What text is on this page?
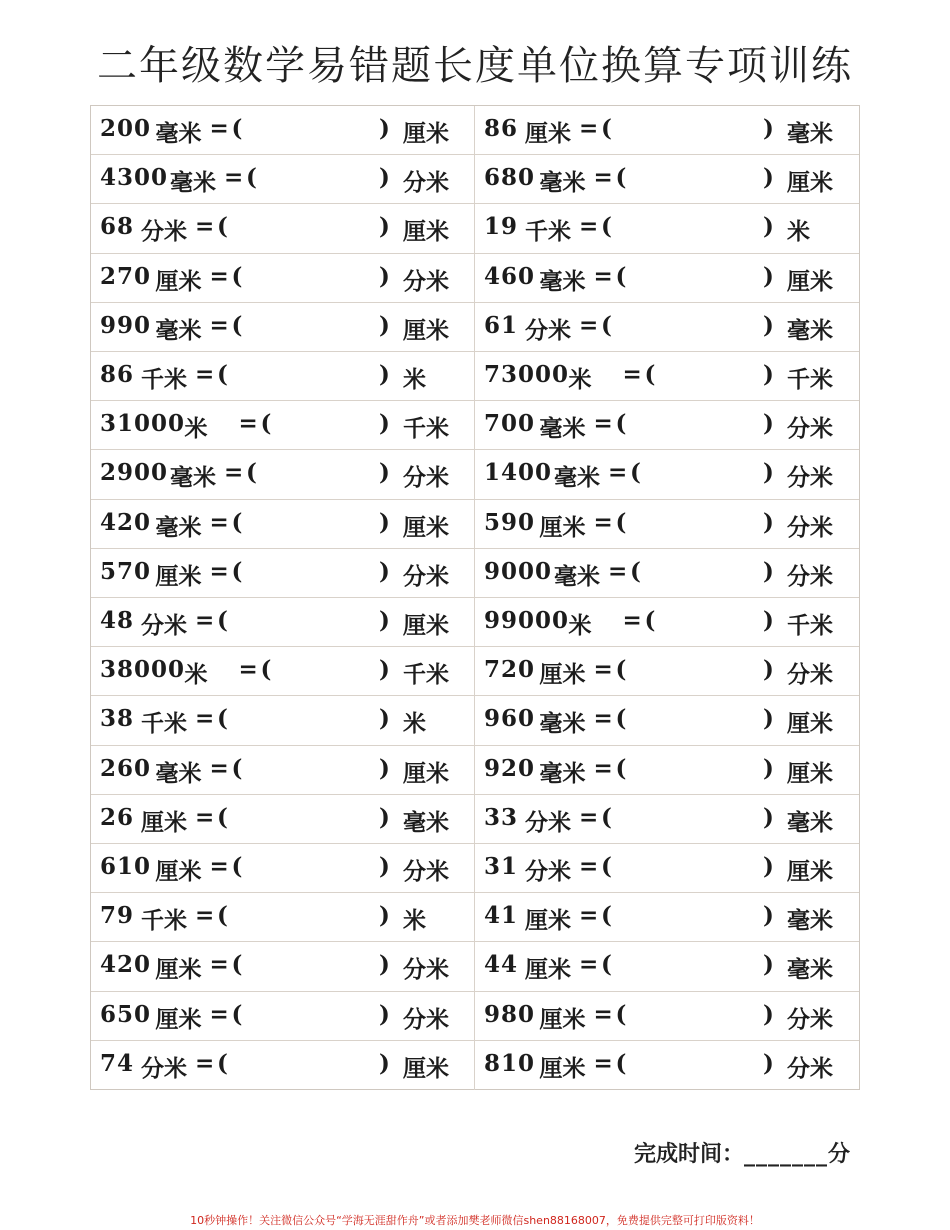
二年级数学易错题长度单位换算专项训练
200 毫米 = (	) 厘米 86 厘米 = (	) 毫米
4300 毫米 = (	) 分米 680 毫米 = (	) 厘米
68 分米 = (	) 厘米 19 千米 = (	) 米
270 厘米 = (	) 分米 460 毫米 = (	) 厘米
990 毫米 = (	) 厘米 61 分米 = (	) 毫米
86 千米 = (	) 米	73000 米 = (	) 千米
31000 米 = (	) 千米 700 毫米 = (	) 分米
2900 毫米 = (	) 分米 1400 毫米 = (	) 分米
420 毫米 = (	) 厘米 590 厘米 = (	) 分米
570 厘米 = (	) 分米 9000 毫米 = (	) 分米
48 分米 = (	) 厘米 99000 米 = (	) 千米
38000 米 = (	) 千米 720 厘米 = (	) 分米
38 千米 = (	) 米	960 毫米 = (	) 厘米
260 毫米 = (	) 厘米 920 毫米 = (	) 厘米
26 厘米 = (	) 毫米 33 分米 = (	) 毫米
610 厘米 = (	) 分米 31 分米 = (	) 厘米
79 千米 = (	) 米	41 厘米 = (	) 毫米
420 厘米 = (	) 分米 44 厘米 = (	) 毫米
650 厘米 = (	) 分米 980 厘米 = (	) 分米
74 分米 = (	) 厘米 810 厘米 = (	) 分米
完成时间：_______分
10秒钟操作！关注微信公众号“学海无涯甜作舟”或者添加樊老师微信shen88168007，免费提供完整可打印版资料！
